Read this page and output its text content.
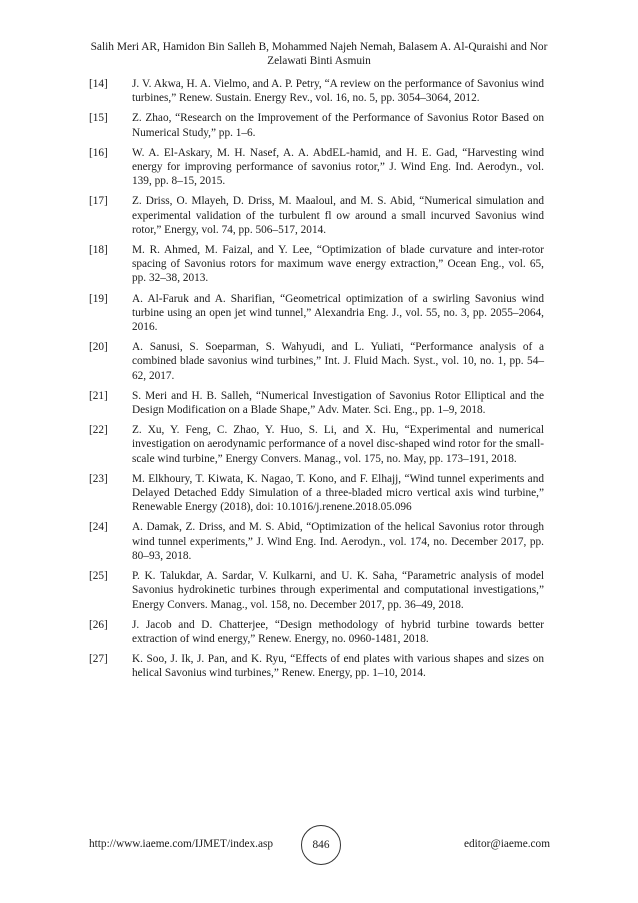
Salih Meri AR, Hamidon Bin Salleh B, Mohammed Najeh Nemah, Balasem A. Al-Quraishi and Nor
Zelawati Binti Asmuin
[14]	J. V. Akwa, H. A. Vielmo, and A. P. Petry, “A review on the performance of Savonius wind turbines,” Renew. Sustain. Energy Rev., vol. 16, no. 5, pp. 3054–3064, 2012.
[15]	Z. Zhao, “Research on the Improvement of the Performance of Savonius Rotor Based on Numerical Study,” pp. 1–6.
[16]	W. A. El-Askary, M. H. Nasef, A. A. AbdEL-hamid, and H. E. Gad, “Harvesting wind energy for improving performance of savonius rotor,” J. Wind Eng. Ind. Aerodyn., vol. 139, pp. 8–15, 2015.
[17]	Z. Driss, O. Mlayeh, D. Driss, M. Maaloul, and M. S. Abid, “Numerical simulation and experimental validation of the turbulent fl ow around a small incurved Savonius wind rotor,” Energy, vol. 74, pp. 506–517, 2014.
[18]	M. R. Ahmed, M. Faizal, and Y. Lee, “Optimization of blade curvature and inter-rotor spacing of Savonius rotors for maximum wave energy extraction,” Ocean Eng., vol. 65, pp. 32–38, 2013.
[19]	A. Al-Faruk and A. Sharifian, “Geometrical optimization of a swirling Savonius wind turbine using an open jet wind tunnel,” Alexandria Eng. J., vol. 55, no. 3, pp. 2055–2064, 2016.
[20]	A. Sanusi, S. Soeparman, S. Wahyudi, and L. Yuliati, “Performance analysis of a combined blade savonius wind turbines,” Int. J. Fluid Mach. Syst., vol. 10, no. 1, pp. 54–62, 2017.
[21]	S. Meri and H. B. Salleh, “Numerical Investigation of Savonius Rotor Elliptical and the Design Modification on a Blade Shape,” Adv. Mater. Sci. Eng., pp. 1–9, 2018.
[22]	Z. Xu, Y. Feng, C. Zhao, Y. Huo, S. Li, and X. Hu, “Experimental and numerical investigation on aerodynamic performance of a novel disc-shaped wind rotor for the small-scale wind turbine,” Energy Convers. Manag., vol. 175, no. May, pp. 173–191, 2018.
[23]	M. Elkhoury, T. Kiwata, K. Nagao, T. Kono, and F. Elhajj, “Wind tunnel experiments and Delayed Detached Eddy Simulation of a three-bladed micro vertical axis wind turbine,” Renewable Energy (2018), doi: 10.1016/j.renene.2018.05.096
[24]	A. Damak, Z. Driss, and M. S. Abid, “Optimization of the helical Savonius rotor through wind tunnel experiments,” J. Wind Eng. Ind. Aerodyn., vol. 174, no. December 2017, pp. 80–93, 2018.
[25]	P. K. Talukdar, A. Sardar, V. Kulkarni, and U. K. Saha, “Parametric analysis of model Savonius hydrokinetic turbines through experimental and computational investigations,” Energy Convers. Manag., vol. 158, no. December 2017, pp. 36–49, 2018.
[26]	J. Jacob and D. Chatterjee, “Design methodology of hybrid turbine towards better extraction of wind energy,” Renew. Energy, no. 0960-1481, 2018.
[27]	K. Soo, J. Ik, J. Pan, and K. Ryu, “Effects of end plates with various shapes and sizes on helical Savonius wind turbines,” Renew. Energy, pp. 1–10, 2014.
http://www.iaeme.com/IJMET/index.asp	846	editor@iaeme.com
